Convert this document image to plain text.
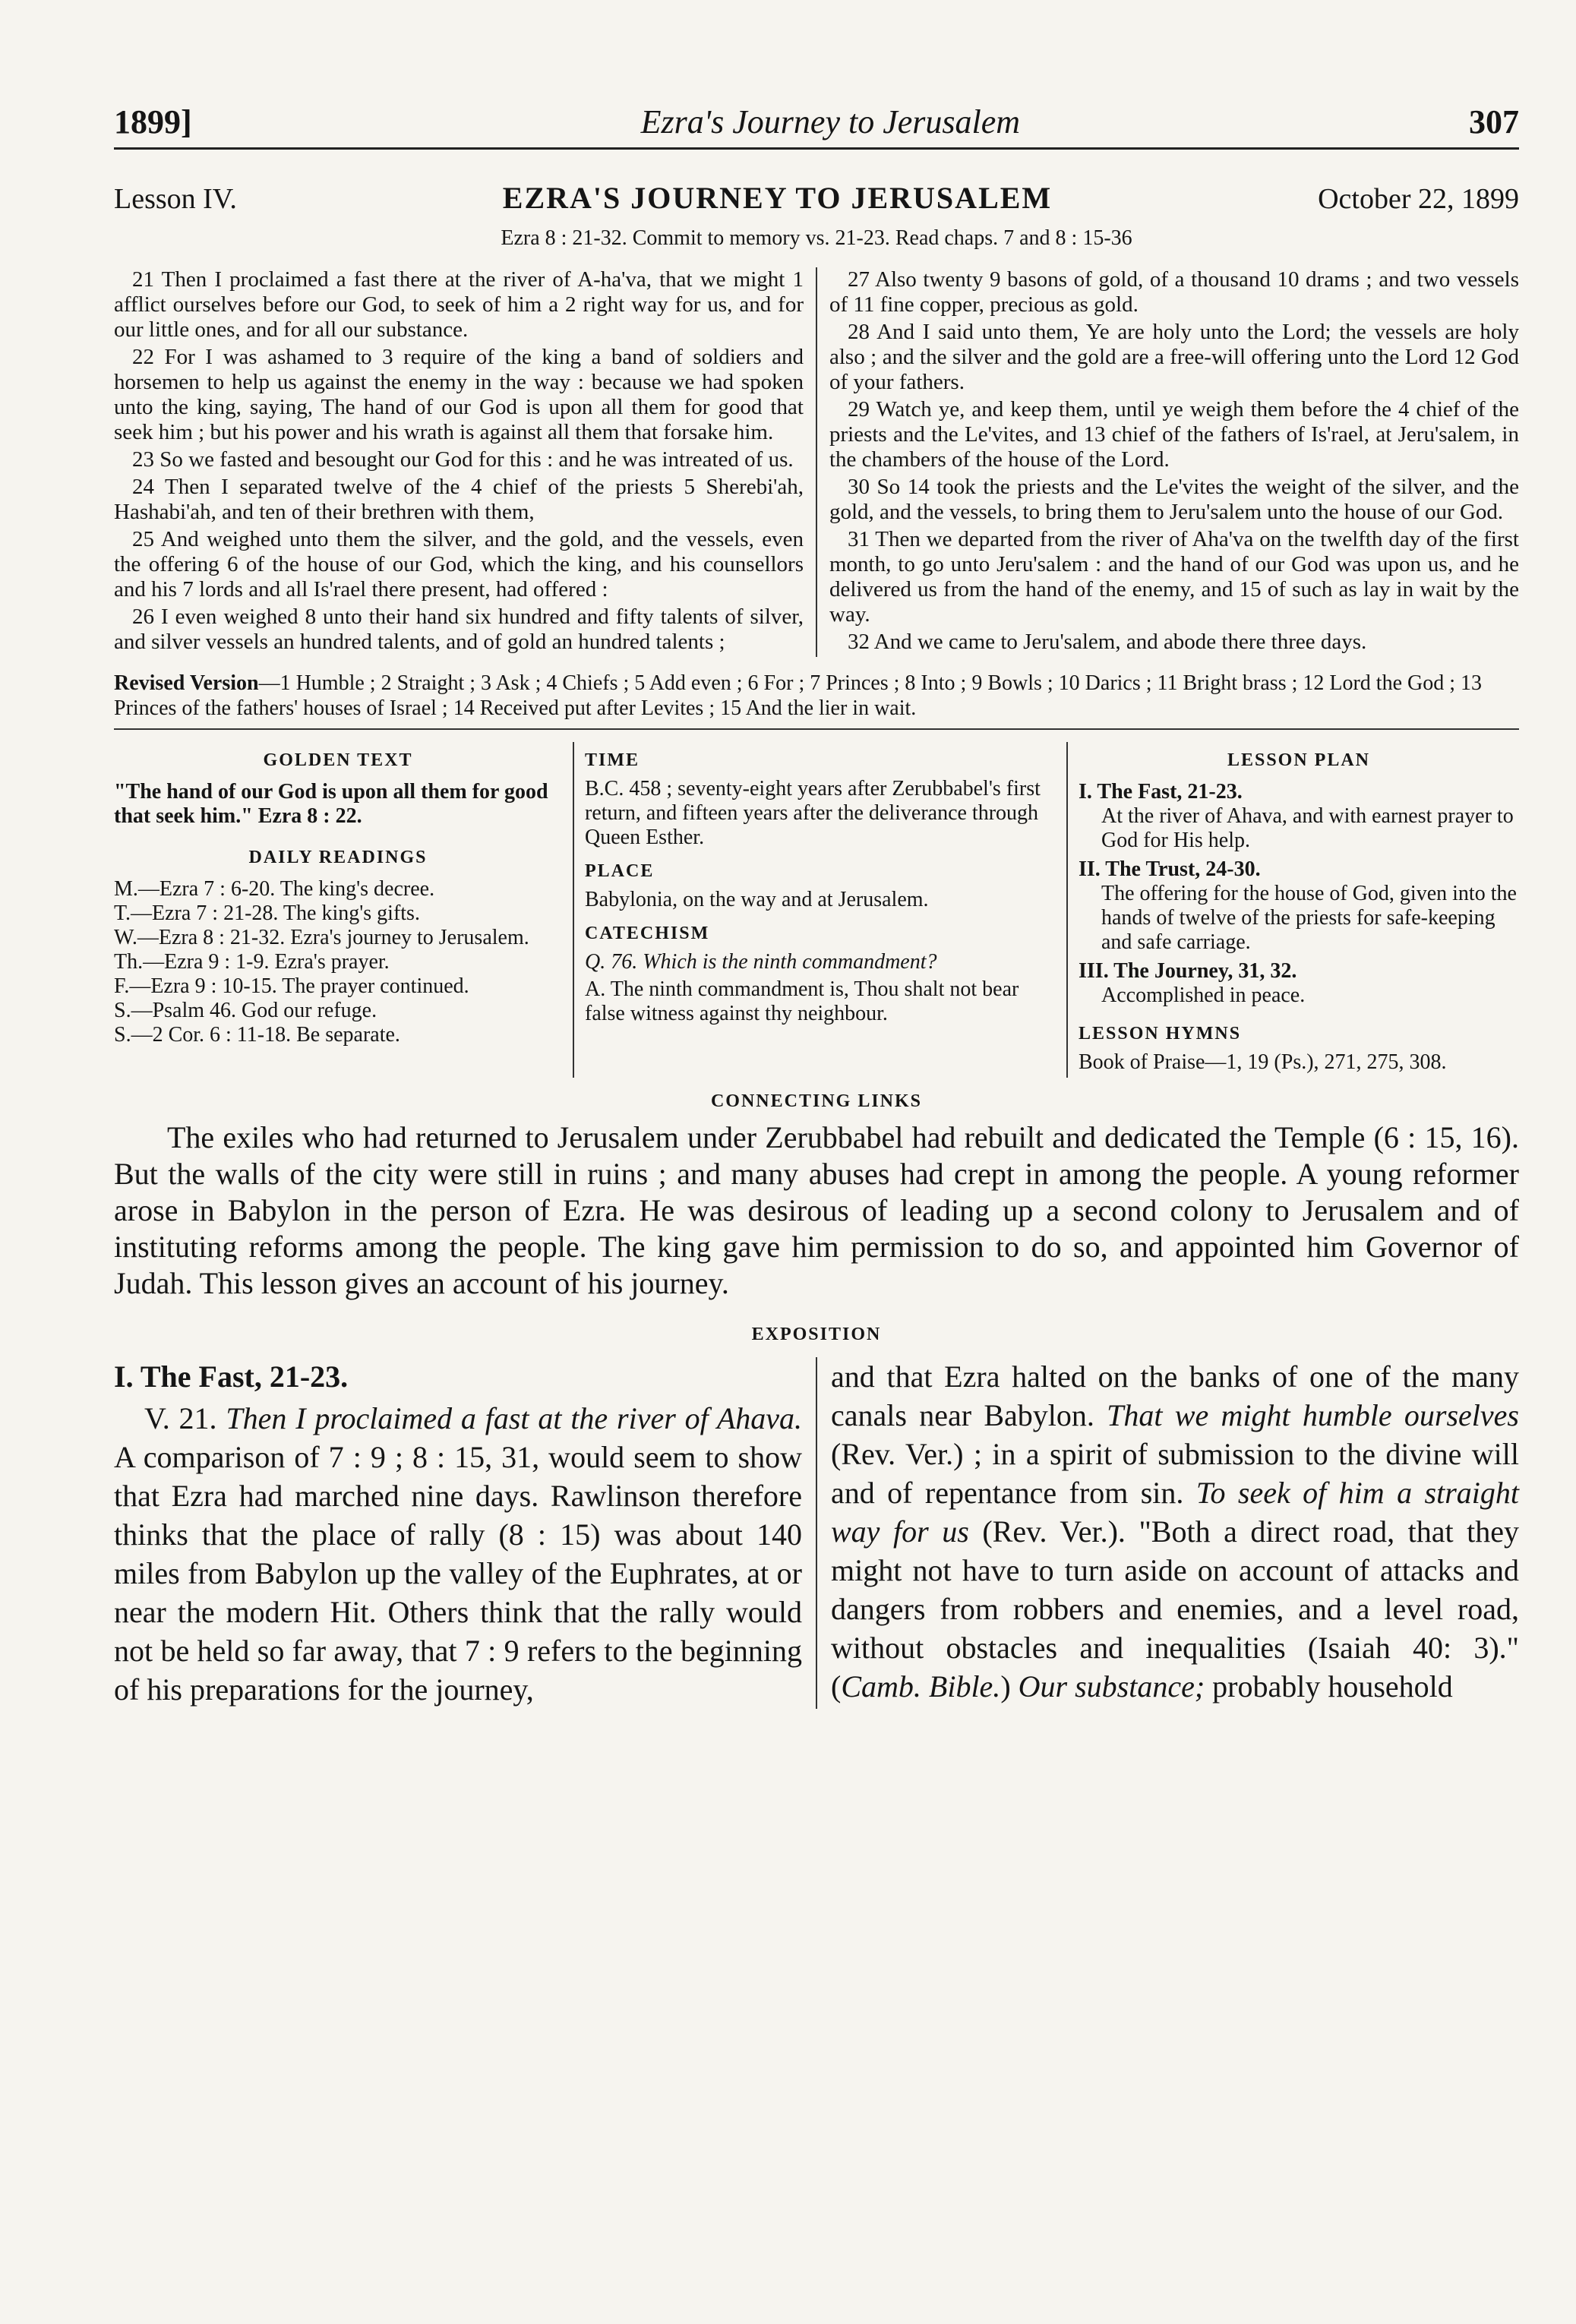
1899]	Ezra's Journey to Jerusalem	307
Lesson IV.	EZRA'S JOURNEY TO JERUSALEM	October 22, 1899
Ezra 8 : 21-32. Commit to memory vs. 21-23. Read chaps. 7 and 8 : 15-36

21 Then I proclaimed a fast there at the river of A-ha'va, that we might 1 afflict ourselves before our God, to seek of him a 2 right way for us, and for our little ones, and for all our substance.

22 For I was ashamed to 3 require of the king a band of soldiers and horsemen to help us against the enemy in the way : because we had spoken unto the king, saying, The hand of our God is upon all them for good that seek him ; but his power and his wrath is against all them that forsake him.

23 So we fasted and besought our God for this : and he was intreated of us.

24 Then I separated twelve of the 4 chief of the priests 5 Sherebi'ah, Hashabi'ah, and ten of their brethren with them,

25 And weighed unto them the silver, and the gold, and the vessels, even the offering 6 of the house of our God, which the king, and his counsellors and his 7 lords and all Is'rael there present, had offered :

26 I even weighed 8 unto their hand six hundred and fifty talents of silver, and silver vessels an hundred talents, and of gold an hundred talents ;

27 Also twenty 9 basons of gold, of a thousand 10 drams ; and two vessels of 11 fine copper, precious as gold.

28 And I said unto them, Ye are holy unto the Lord; the vessels are holy also ; and the silver and the gold are a free-will offering unto the Lord 12 God of your fathers.

29 Watch ye, and keep them, until ye weigh them before the 4 chief of the priests and the Le'vites, and 13 chief of the fathers of Is'rael, at Jeru'salem, in the chambers of the house of the Lord.

30 So 14 took the priests and the Le'vites the weight of the silver, and the gold, and the vessels, to bring them to Jeru'salem unto the house of our God.

31 Then we departed from the river of Aha'va on the twelfth day of the first month, to go unto Jeru'salem : and the hand of our God was upon us, and he delivered us from the hand of the enemy, and 15 of such as lay in wait by the way.

32 And we came to Jeru'salem, and abode there three days.

Revised Version—1 Humble ; 2 Straight ; 3 Ask ; 4 Chiefs ; 5 Add even ; 6 For ; 7 Princes ; 8 Into ; 9 Bowls ; 10 Darics ; 11 Bright brass ; 12 Lord the God ; 13 Princes of the fathers' houses of Israel ; 14 Received put after Levites ; 15 And the lier in wait.
GOLDEN TEXT

"The hand of our God is upon all them for good that seek him." Ezra 8 : 22.

DAILY READINGS
M.—Ezra 7 : 6-20. The king's decree.
T.—Ezra 7 : 21-28. The king's gifts.
W.—Ezra 8 : 21-32. Ezra's journey to Jerusalem.
Th.—Ezra 9 : 1-9. Ezra's prayer.
F.—Ezra 9 : 10-15. The prayer continued.
S.—Psalm 46. God our refuge.
S.—2 Cor. 6 : 11-18. Be separate.
TIME

B.C. 458 ; seventy-eight years after Zerubbabel's first return, and fifteen years after the deliverance through Queen Esther.

PLACE

Babylonia, on the way and at Jerusalem.

CATECHISM

Q. 76. Which is the ninth commandment?

A. The ninth commandment is, Thou shalt not bear false witness against thy neighbour.

LESSON PLAN
I. The Fast, 21-23.
At the river of Ahava, and with earnest prayer to God for His help.
II. The Trust, 24-30.
The offering for the house of God, given into the hands of twelve of the priests for safe-keeping and safe carriage.
III. The Journey, 31, 32.
Accomplished in peace.
LESSON HYMNS

Book of Praise—1, 19 (Ps.), 271, 275, 308.

CONNECTING LINKS

The exiles who had returned to Jerusalem under Zerubbabel had rebuilt and dedicated the Temple (6 : 15, 16). But the walls of the city were still in ruins ; and many abuses had crept in among the people. A young reformer arose in Babylon in the person of Ezra. He was desirous of leading up a second colony to Jerusalem and of instituting reforms among the people. The king gave him permission to do so, and appointed him Governor of Judah. This lesson gives an account of his journey.

EXPOSITION
I. The Fast, 21-23.

V. 21. Then I proclaimed a fast at the river of Ahava. A comparison of 7 : 9 ; 8 : 15, 31, would seem to show that Ezra had marched nine days. Rawlinson therefore thinks that the place of rally (8 : 15) was about 140 miles from Babylon up the valley of the Euphrates, at or near the modern Hit. Others think that the rally would not be held so far away, that 7 : 9 refers to the beginning of his preparations for the journey,

and that Ezra halted on the banks of one of the many canals near Babylon. That we might humble ourselves (Rev. Ver.) ; in a spirit of submission to the divine will and of repentance from sin. To seek of him a straight way for us (Rev. Ver.). "Both a direct road, that they might not have to turn aside on account of attacks and dangers from robbers and enemies, and a level road, without obstacles and inequalities (Isaiah 40: 3)." (Camb. Bible.) Our substance; probably household
